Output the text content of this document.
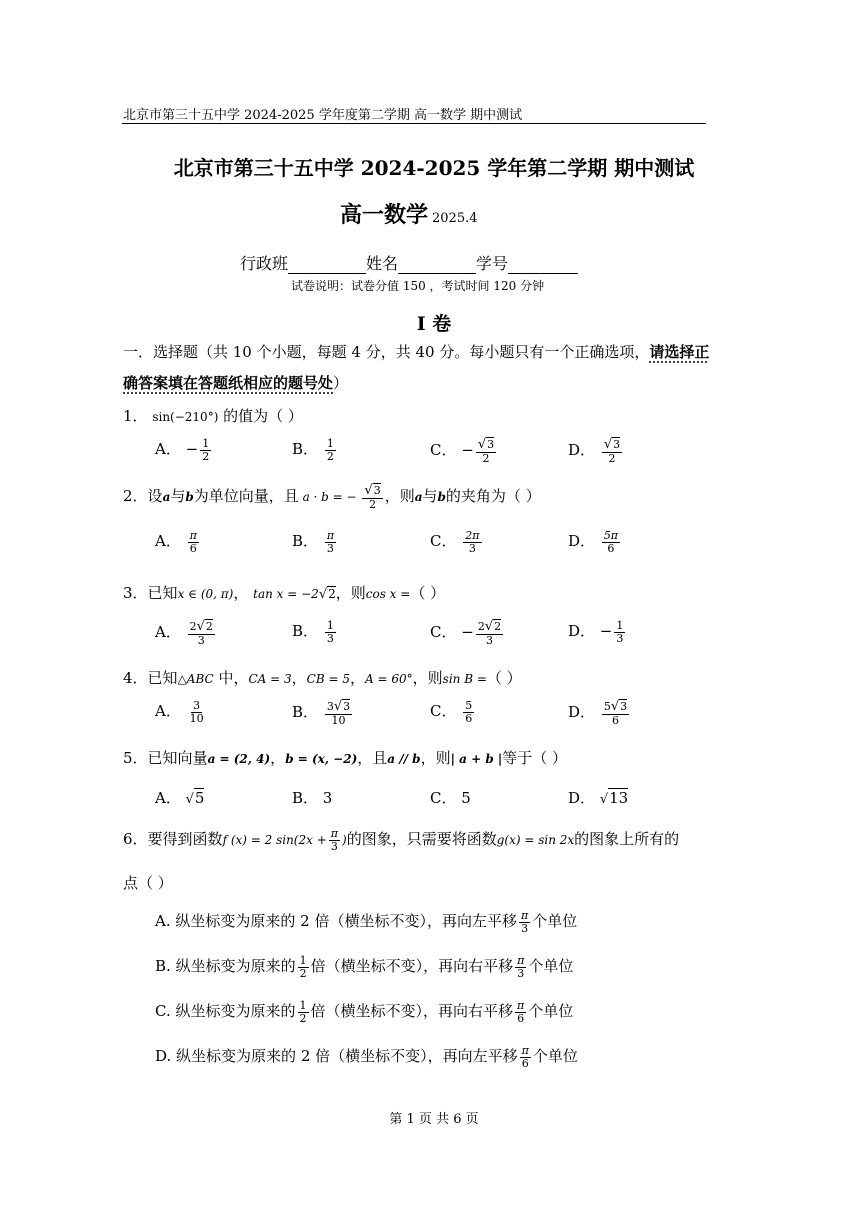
北京市第三十五中学 2024-2025 学年度第二学期 高一数学 期中测试
北京市第三十五中学 2024-2025 学年第二学期 期中测试
高一数学 2025.4
行政班	姓名	学号
试卷说明：试卷分值 150 ，考试时间 120 分钟
I 卷
一．选择题（共 10 个小题，每题 4 分，共 40 分。每小题只有一个正确选项，请选择正
确答案填在答题纸相应的题号处）
1． sin(−210°) 的值为（ ）
A． − $\frac{1}{2}$	B． $\frac{1}{2}$	C． − $\frac{√3}{2}$	D． $\frac{√3}{2}$
2．设a与b为单位向量，且 a · b = − $\frac{√3}{2}$ ，则a与b的夹角为（ ）
A． $\frac{\pi}{6}$	B． $\frac{\pi}{3}$	C． $\frac{2\pi}{3}$	D． $\frac{5\pi}{6}$
3．已知x ∈ (0, π)， tan x = −2√2，则cos x =（ ）
A． $\frac{2√2}{3}$	B． $\frac{1}{3}$	C． − $\frac{2√2}{3}$	D． − $\frac{1}{3}$
4．已知△ABC 中，CA = 3，CB = 5，A = 60°，则sin B =（ ）
A． $\frac{3}{10}$	B． $\frac{3√3}{10}$	C． $\frac{5}{6}$	D． $\frac{5√3}{6}$
5．已知向量a = (2, 4)，b = (x, −2)，且a // b，则| a + b |等于（ ）
A． √5	B． 3	C． 5	D． √13
6．要得到函数f (x) = 2 $\sin(2x + \frac{\pi}{3}$ )的图象，只需要将函数g(x) = sin 2x的图象上所有的
点（ ）
A. 纵坐标变为原来的 2 倍（横坐标不变），再向左平移 $\frac{\pi}{3}$ 个单位
B. 纵坐标变为原来的 $\frac{1}{2}$ 倍（横坐标不变），再向右平移 $\frac{\pi}{3}$ 个单位
C. 纵坐标变为原来的 $\frac{1}{2}$ 倍（横坐标不变），再向右平移 $\frac{\pi}{6}$ 个单位
D. 纵坐标变为原来的 2 倍（横坐标不变），再向左平移 $\frac{\pi}{6}$ 个单位
第 1 页 共 6 页
